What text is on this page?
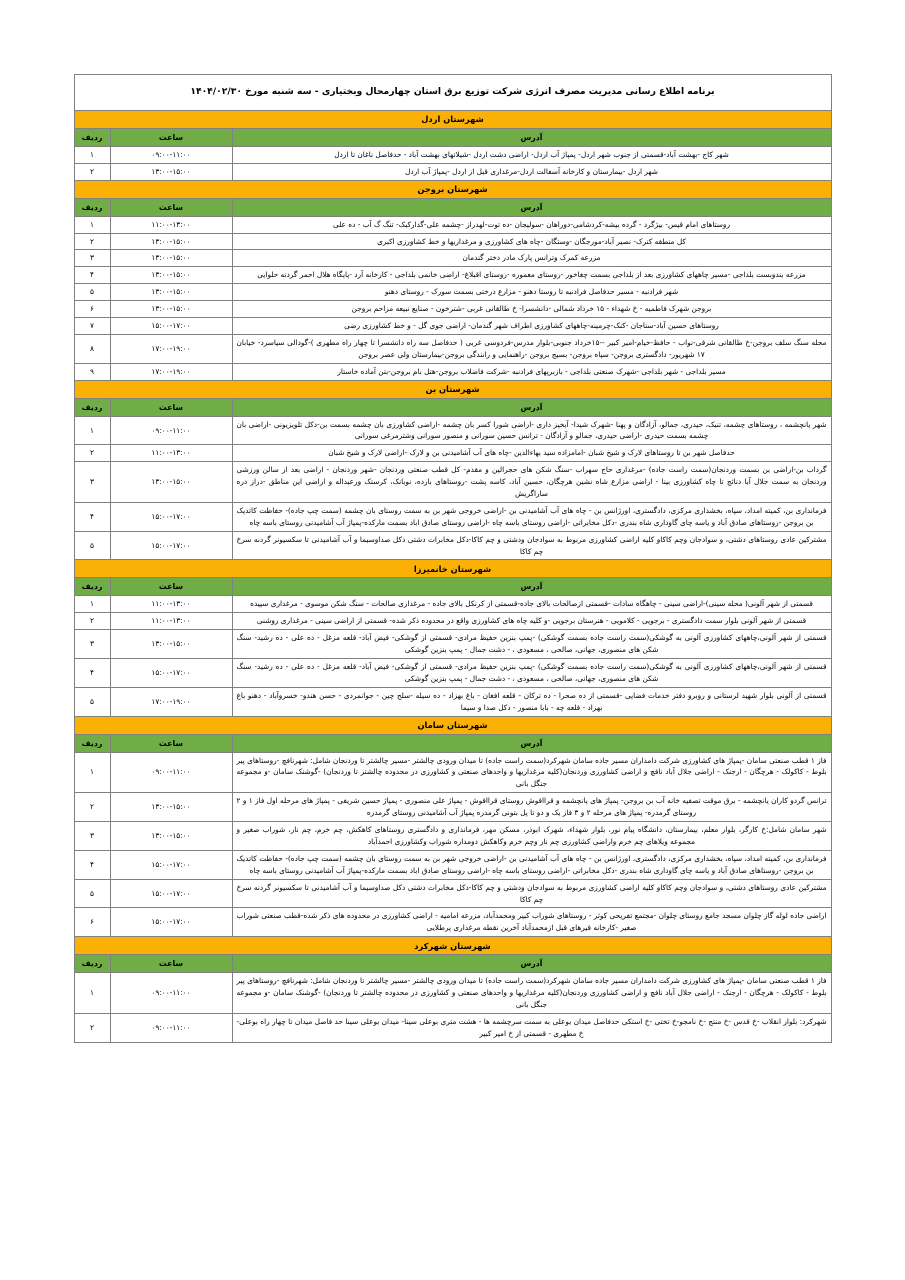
برنامه اطلاع رسانی مدیریت مصرف انرژی شرکت توزیع برق استان چهارمحال وبختیاری - سه شنبه مورخ ۱۴۰۴/۰۲/۳۰		
شهرستان اردل		
آدرس	ساعت	ردیف
شهر کاج -بهشت آباد-قسمتی از جنوب شهر اردل- پمپاژ آب اردل- اراضی دشت اردل -شیلاتهای بهشت آباد - حدفاصل ناغان تا اردل	۰۹:۰۰-۱۱:۰۰	۱
شهر اردل -بیمارستان و کارخانه آسفالت اردل-مرغداری قبل از اردل -پمپاژ آب اردل	۱۳:۰۰-۱۵:۰۰	۲
شهرستان بروجن		
آدرس	ساعت	ردیف
روستاهای امام قیس- بیژگرد - گرده بیشه-کردشامی-دوراهان -سولیجان -ده توت-لهدراز -چشمه علی-گدارکبک- تنگ گ آب - ده علی	۱۱:۰۰-۱۳:۰۰	۱
کل منطقه کنرک- نصیر آباد-مورجگان -وستگان -چاه های کشاورزی و مرغداریها و خط کشاورزی اکبری	۱۳:۰۰-۱۵:۰۰	۲
مزرعه کمرک وترانس پارک مادر دختر گندمان	۱۳:۰۰-۱۵:۰۰	۳
مزرعه بندوبست بلداجی -مسیر چاههای کشاورزی بعد از بلداجی بسمت چغاخور -روستای معموره -روستای اقبلاغ- اراضی خانمی بلداجی - کارخانه آرد -پایگاه هلال احمر گردنه حلوایی	۱۳:۰۰-۱۵:۰۰	۴
شهر فرادنبه - مسیر حدفاصل فرادنبه تا روستا دهنو - مزارع درختی بسمت سورک - روستای دهنو	۱۳:۰۰-۱۵:۰۰	۵
بروجن شهرک فاطمیه - خ شهداء - ۱۵ خرداد شمالی -دانشسرا- خ طالقانی غربی -شترخون - صنایع نبیعه مزاحم بروجن	۱۳:۰۰-۱۵:۰۰	۶
روستاهای حسین آباد-سناجان -کنک-چرمینه-چاههای کشاورزی اطراف شهر گندمان- اراضی جوی گل - و خط کشاورزی رضی	۱۵:۰۰-۱۷:۰۰	۷
محله سنگ سلف بروجن-خ طالقانی شرقی-نواب - حافظ-خیام-امیر کبیر --۱۵خرداد جنوبی-بلوار مدرس-فردوسی غربی ( حدفاصل سه راه دانشسرا تا چهار راه مطهری )-گودالی سیاسرد- خیابان ۱۷ شهریور- دادگستری بروجن- سپاه بروجن- بسیج بروجن -راهنمایی و رانندگی بروجن-بیمارستان ولی عصر بروجن	۱۷:۰۰-۱۹:۰۰	۸
مسیر بلداجی - شهر بلداجی -شهرک صنعتی بلداجی - بازبرپهای فرادنبه -شرکت فاضلاب بروجن-هتل بام بروجن-بتن آماده خاستار	۱۷:۰۰-۱۹:۰۰	۹
شهرستان بن		
آدرس	ساعت	ردیف
شهر یانچشمه ، روستاهای چشمه، تنبک، حیدری، جمالو، آزادگان و پهنا -شهرک شیدا- آبخیز داری -اراضی شورا کسر بان چشمه -اراضی کشاورزی بان چشمه بسمت بن-دکل تلویزیونی -اراضی بان چشمه بسمت حیدری -اراضی حیدری، جمالو و آزادگان - ترانس حسین سورانی و منصور سورانی وشترمرغی سورانی	۰۹:۰۰-۱۱:۰۰	۱
حدفاصل شهر بن تا روستاهای لارک و شیخ شبان -امامزاده سید بهاءالدین -چاه های آب آشامیدنی بن و لارک -اراضی لارک و شیخ شبان	۱۱:۰۰-۱۳:۰۰	۲
گرداب بن-اراضی بن بسمت وردنجان(سمت راست جاده) -مرغداری حاج سهراب -سنگ شکن های حجرالین و مقدم- کل قطب صنعتی وردنجان -شهر وردنجان - اراضی بعد از سالن ورزشی وردنجان به سمت جلال آبا دنائج تا چاه کشاورزی بینا - اراضی مزارع شاه نشین هرچگان، حسین آباد، کاسه پشت -روستاهای بارده، نوبانک، کرستک ورعبداله و اراضی این مناطق -دراز دره ساراگریش	۱۳:۰۰-۱۵:۰۰	۳
فرمانداری بن، کمیته امداد، سپاه، بخشداری مرکزی، دادگستری، اورژانس بن - چاه های آب آشامیدنی بن -اراضی خروجی شهر بن به سمت روستای بان چشمه (سمت چپ جاده)- حفاظت کاتدیک بن بروجن -روستاهای صادق آباد و یاسه چای گاوداری شاه بندری -دکل مخابراتی -اراضی روستای باسه چاه -اراضی روستای صادق اباد بسمت مارکده-پمپاژ آب آشامیدنی روستای باسه چاه	۱۵:۰۰-۱۷:۰۰	۴
مشترکین عادی روستاهای دشتی، و سوادجان وچم کاکاو کلیه اراضی کشاورزی مربوط به سوادجان ودشتی و چم کاکا-دکل مخابرات دشتی دکل صداوسیما و آب آشامیدنی تا سکسیونر گردنه سرخ چم کاکا	۱۵:۰۰-۱۷:۰۰	۵
شهرستان خانمیرزا		
آدرس	ساعت	ردیف
قسمتی از شهر آلونی( محله سینی)-اراضی سینی - چاهگاه سادات -قسمتی ازصالحات بالای جاده-قسمتی از کرنکل بالای جاده - مرغداری صالحات - سنگ شکن موسوی - مرغداری سپیده	۱۱:۰۰-۱۳:۰۰	۱
قسمتی از شهر آلونی بلوار سمت دادگستری - برجویی - کلامویی - هنرستان برجویی -و کلیه چاه های کشاورزی واقع در محدوده ذکر شده- قسمتی از اراضی سینی - مرغداری روشنی	۱۱:۰۰-۱۳:۰۰	۲
قسمتی از شهر آلونی،چاههای کشاورزی آلونی به گوشکی(سمت راست جاده بسمت گوشکی) -پمپ بنزین حفیظ مرادی- قسمتی از گوشکی- فیض آباد- قلعه مزغل - ده علی - ده رشید- سنگ شکن های منصوری، جهانی، صالحی ، مسعودی ، - دشت جمال - پمپ بنزین گوشکی	۱۳:۰۰-۱۵:۰۰	۳
قسمتی از شهر آلونی،چاههای کشاورزی آلونی به گوشکی(سمت راست جاده بسمت گوشکی) -پمپ بنزین حفیظ مرادی- قسمتی از گوشکی- فیض آباد- قلعه مزغل - ده علی - ده رشید- سنگ شکن های منصوری، جهانی، صالحی ، مسعودی ، - دشت جمال - پمپ بنزین گوشکی	۱۵:۰۰-۱۷:۰۰	۴
قسمتی از آلونی بلوار شهید لرستانی و روبرو دفتر خدمات فضایی -قسمتی از ده صحرا - ده ترکان - قلعه افغان - باغ بهزاد - ده سیله -سلح چین - جوانمردی - حسن هندو- خسروآباد - دهنو باغ بهزاد - قلعه چه - بابا منصور - دکل صدا و سیما	۱۷:۰۰-۱۹:۰۰	۵
شهرستان سامان		
آدرس	ساعت	ردیف
فاز ۱ قطب صنعتی سامان -پمپاژ های کشاورزی شرکت دامداران مسیر جاده سامان شهرکرد(سمت راست جاده) تا میدان ورودی چالشتر -مسیر چالشتر تا وردنجان شامل: شهرنافچ -روستاهای پیر بلوط - کاکولک - هرچگان - ارجنک - اراضی جلال آباد نافچ و اراضی کشاورزی وردنجان(کلیه مرغداریها و واحدهای صنعتی و کشاورزی در محدوده چالشتر تا وردنجان) -گوشنک سامان -و مجموعه جنگل بانی	۰۹:۰۰-۱۱:۰۰	۱
ترانس گردو کاران یانچشمه - برق موقت تصفیه خانه آب بن بروجن- پمپاژ های یانچشمه و قرااقوش روستای قرااقوش - پمپاژ علی منصوری - پمپاژ حسین شریفی - پمپاژ های مرحله اول فاز ۱ و ۲ روستای گرمدره- پمپاژ های مرحله ۲ و ۳ فاز یک و دو تا پل بتونی گرمدره پمپاژ آب آشامیدنی روستای گرمدره	۱۳:۰۰-۱۵:۰۰	۲
شهر سامان شامل:خ کارگر، بلوار معلم، بیمارستان، دانشگاه پیام نور، بلوار شهداء، شهرک ابوذر، مسکن مهر، فرمانداری و دادگستری روستاهای کاهکش، چم خرم، چم نار، شوراب صغیر و مجموعه ویلاهای چم خرم واراضی کشاورزی چم نار وچم خرم وکاهکش دومداره شوراب وکشاورزی احمدآباد	۱۳:۰۰-۱۵:۰۰	۳
فرمانداری بن، کمیته امداد، سپاه، بخشداری مرکزی، دادگستری، اورژانس بن - چاه های آب آشامیدنی بن -اراضی خروجی شهر بن به سمت روستای بان چشمه (سمت چپ جاده)- حفاظت کاتدیک بن بروجن -روستاهای صادق آباد و یاسه چای گاوداری شاه بندری -دکل مخابراتی -اراضی روستای باسه چاه -اراضی روستای صادق اباد بسمت مارکده-پمپاژ آب آشامیدنی روستای باسه چاه	۱۵:۰۰-۱۷:۰۰	۴
مشترکین عادی روستاهای دشتی، و سوادجان وچم کاکاو کلیه اراضی کشاورزی مربوط به سوادجان ودشتی و چم کاکا-دکل مخابرات دشتی دکل صداوسیما و آب آشامیدنی تا سکسیونر گردنه سرخ چم کاکا	۱۵:۰۰-۱۷:۰۰	۵
اراضی جاده لوله گاز چلوان مسجد جامع روستای چلوان -مجتمع تفریحی کوثر - روستاهای شوراب کبیر ومحمدآباد، مزرعه امامیه - اراضی کشاورزی در محدوده های ذکر شده-قطب صنعتی شوراب صغیر -کارخانه قیرهای قبل ازمحمدآباد آخرین نقطه مرغداری پرطلایی	۱۵:۰۰-۱۷:۰۰	۶
شهرستان شهرکرد		
آدرس	ساعت	ردیف
فاز ۱ قطب صنعتی سامان -پمپاژ های کشاورزی شرکت دامداران مسیر جاده سامان شهرکرد(سمت راست جاده) تا میدان ورودی چالشتر -مسیر چالشتر تا وردنجان شامل: شهرنافچ -روستاهای پیر بلوط - کاکولک - هرچگان - ارجنک - اراضی جلال آباد نافچ و اراضی کشاورزی وردنجان(کلیه مرغداریها و واحدهای صنعتی و کشاورزی در محدوده چالشتر تا وردنجان) -گوشنک سامان -و مجموعه جنگل بانی	۰۹:۰۰-۱۱:۰۰	۱
شهرکرد: بلوار انقلاب -خ قدس -خ منتج -خ نامجو-خ تختی -خ استکی حدفاصل میدان بوعلی به سمت سرچشمه ها - هشت متری بوعلی سینا- میدان بوعلی سینا حد فاصل میدان تا چهار راه بوعلی- خ مطهری - قسمتی از خ امیر کبیر	۰۹:۰۰-۱۱:۰۰	۲
